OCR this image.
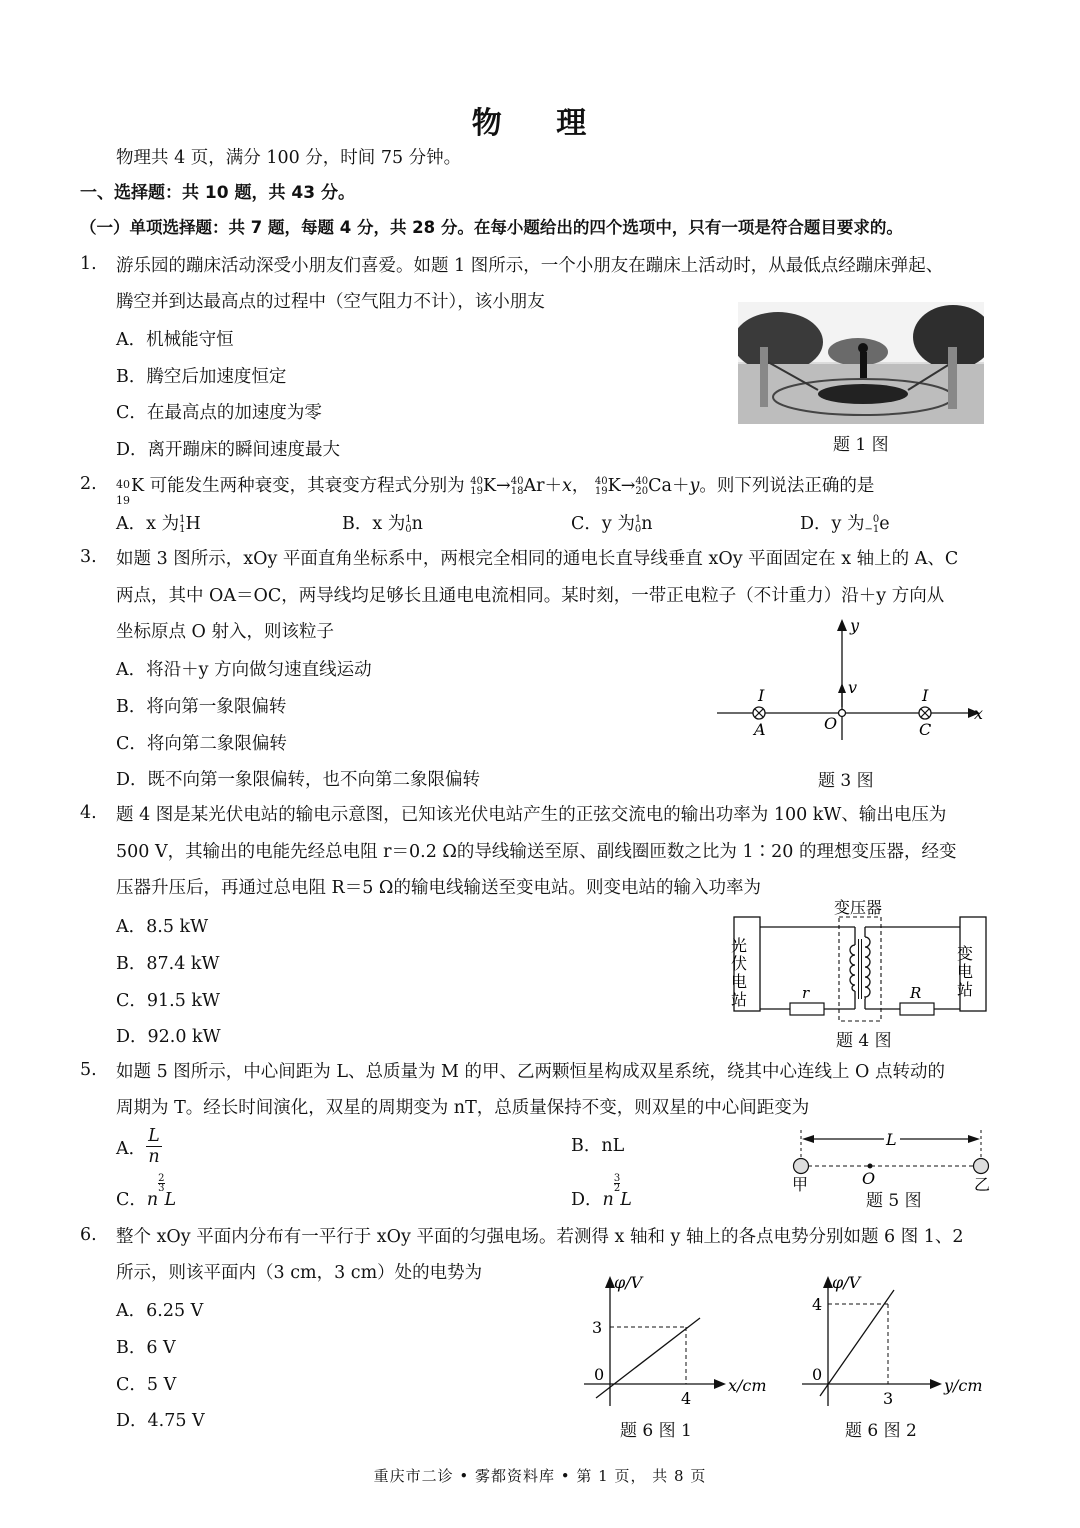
物 理
物理共 4 页，满分 100 分，时间 75 分钟。
一、选择题：共 10 题，共 43 分。
（一）单项选择题：共 7 题，每题 4 分，共 28 分。在每小题给出的四个选项中，只有一项是符合题目要求的。
1. 游乐园的蹦床活动深受小朋友们喜爱。如题 1 图所示，一个小朋友在蹦床上活动时，从最低点经蹦床弹起、
腾空并到达最高点的过程中（空气阻力不计），该小朋友
A．机械能守恒
B．腾空后加速度恒定
C．在最高点的加速度为零
D．离开蹦床的瞬间速度最大	题 1 图
2. 40
19
K 可能发生两种衰变，其衰变方程式分别为 40
19K→40
18Ar＋x， 40
19K→40
20Ca＋y。则下列说法正确的是
A．x 为1
1H	B．x 为1
0n	C．y 为1
0n	D．y 为 0
−1e
3. 如题 3 图所示，xOy 平面直角坐标系中，两根完全相同的通电长直导线垂直 xOy 平面固定在 x 轴上的 A、C
两点，其中 OA＝OC，两导线均足够长且通电电流相同。某时刻，一带正电粒子（不计重力）沿＋y 方向从
坐标原点 O 射入，则该粒子
A．将沿＋y 方向做匀速直线运动
B．将向第一象限偏转
C．将向第二象限偏转
D．既不向第一象限偏转，也不向第二象限偏转
y
x
v
O
A	C
I	I
题 3 图
4. 题 4 图是某光伏电站的输电示意图，已知该光伏电站产生的正弦交流电的输出功率为 100 kW、输出电压为
500 V，其输出的电能先经总电阻 r＝0.2 Ω的导线输送至原、副线圈匝数之比为 1∶20 的理想变压器，经变
压器升压后，再通过总电阻 R＝5 Ω的输电线输送至变电站。则变电站的输入功率为
A．8.5 kW
B．87.4 kW
C．91.5 kW
D．92.0 kW
r	R
变压器
光伏电站	变电站
题 4 图
5. 如题 5 图所示，中心间距为 L、总质量为 M 的甲、乙两颗恒星构成双星系统，绕其中心连线上 O 点转动的
周期为 T。经长时间演化，双星的周期变为 nT，总质量保持不变，则双星的中心间距变为
A． $\frac{L}{n}$	B．nL
C．n
$\frac{2}{3}$
L	D．n
$\frac{3}{2}$
L
L
O
甲	乙
题 5 图
6. 整个 xOy 平面内分布有一平行于 xOy 平面的匀强电场。若测得 x 轴和 y 轴上的各点电势分别如题 6 图 1、2
所示，则该平面内（3 cm，3 cm）处的电势为
A．6.25 V
B．6 V
C．5 V
D．4.75 V
φ/V
x/cm
3
4
0
题 6 图 1
φ/V
y/cm
4
3
0
题 6 图 2
重庆市二诊 • 雾都资料库 • 第 1 页， 共 8 页
